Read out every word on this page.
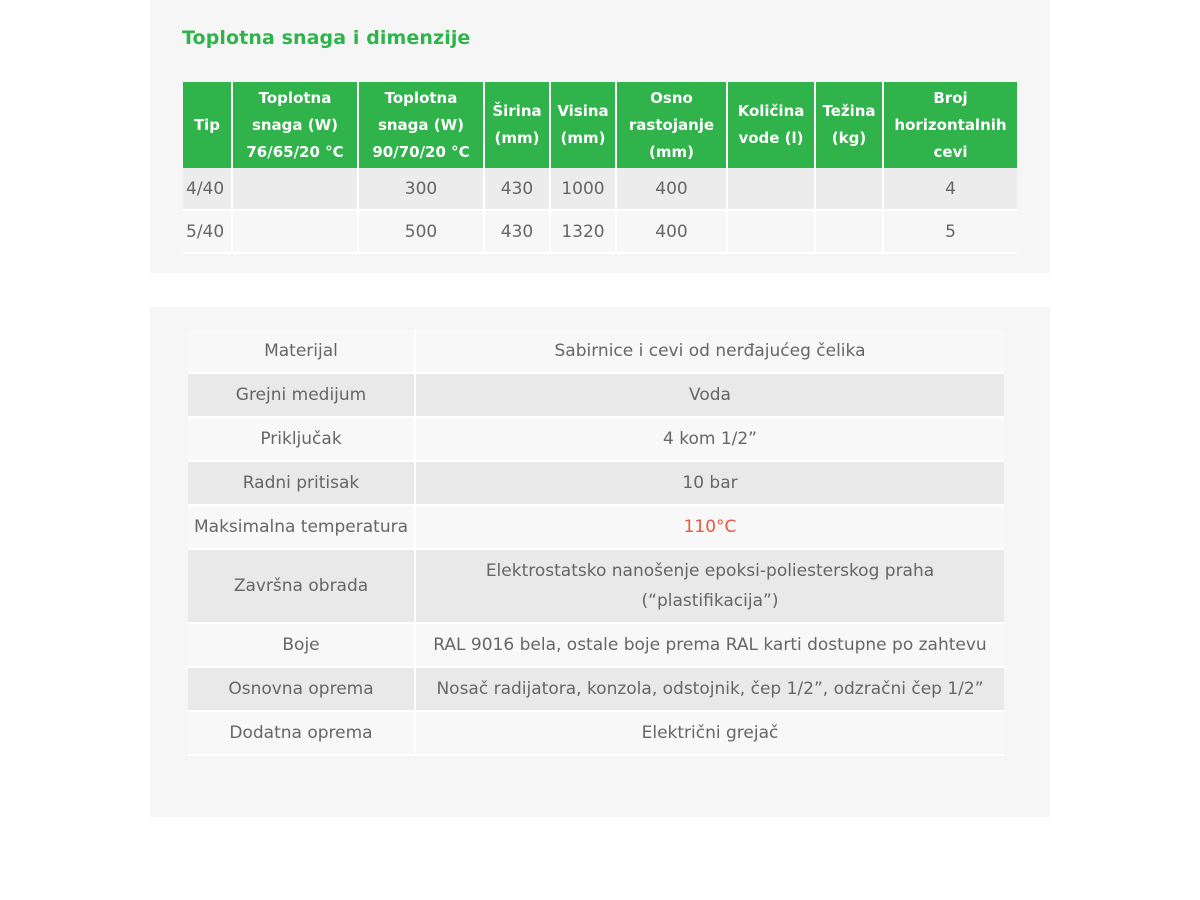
Toplotna snaga i dimenzije
Tip	Toplotna snaga (W) 76/65/20 °C	Toplotna snaga (W) 90/70/20 °C	Širina (mm)	Visina (mm)	Osno rastojanje (mm)	Količina vode (l)	Težina (kg)	Broj horizontalnih cevi
4/40		300	430	1000	400			4
5/40		500	430	1320	400			5
Materijal	Sabirnice i cevi od nerđajućeg čelika
Grejni medijum	Voda
Priključak	4 kom 1/2”
Radni pritisak	10 bar
Maksimalna temperatura	110°C
Završna obrada	Elektrostatsko nanošenje epoksi-poliesterskog praha (“plastifikacija”)
Boje	RAL 9016 bela, ostale boje prema RAL karti dostupne po zahtevu
Osnovna oprema	Nosač radijatora, konzola, odstojnik, čep 1/2”, odzračni čep 1/2”
Dodatna oprema	Električni grejač
